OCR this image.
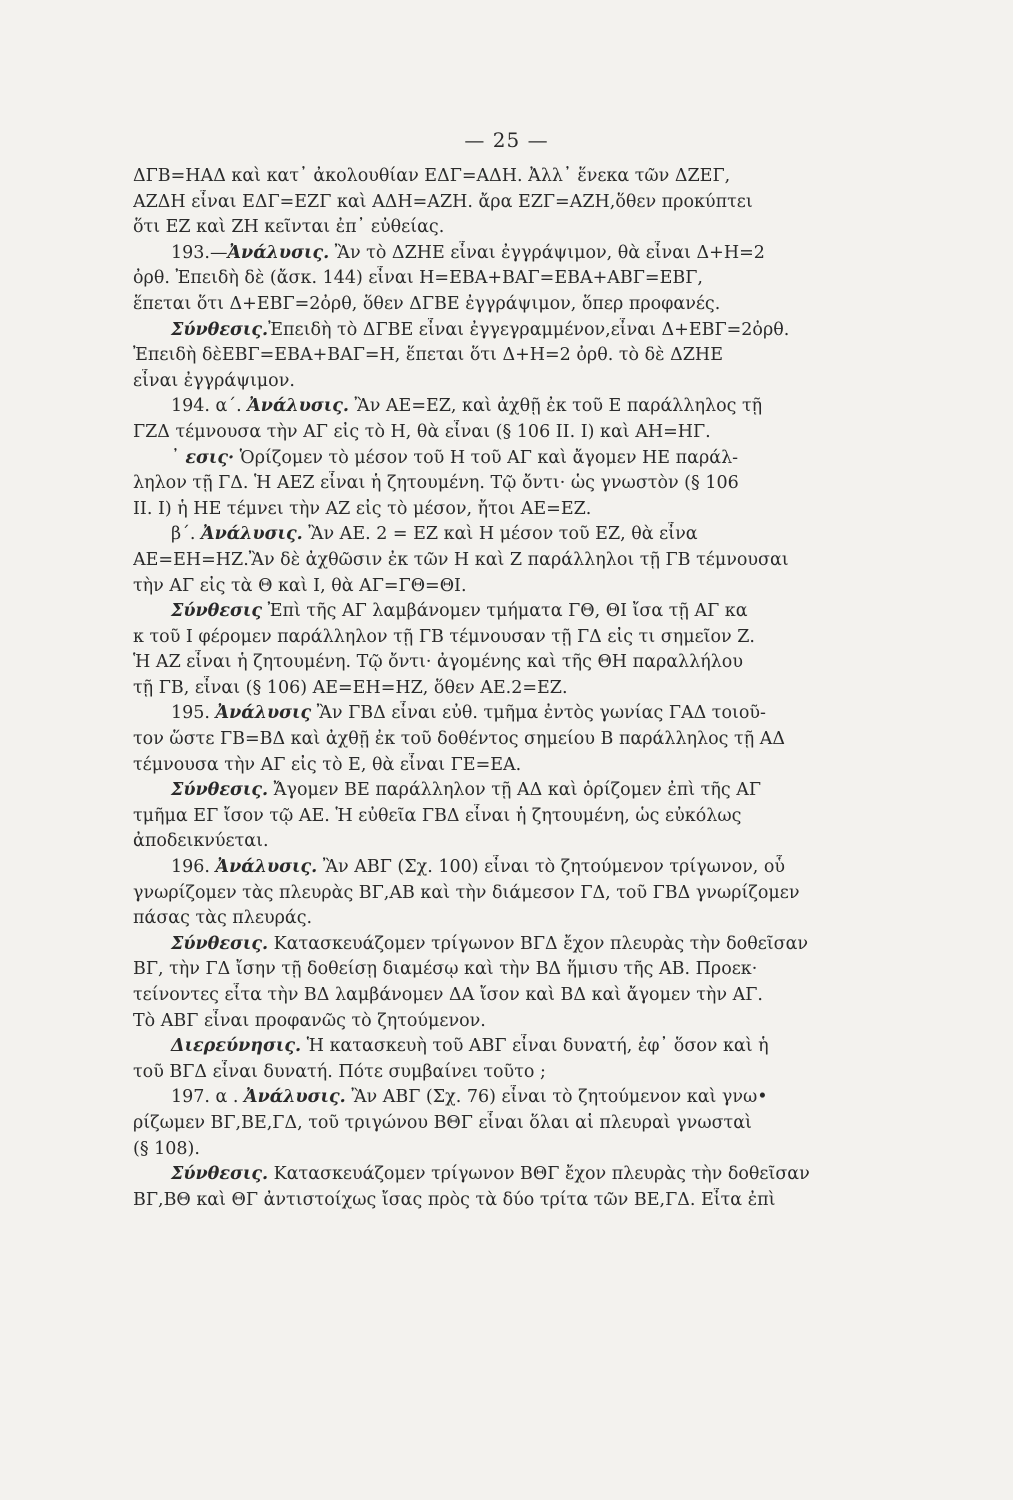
— 25 —
ΔΓΒ=ΗΑΔ καὶ κατ᾽ ἀκολουθίαν ΕΔΓ=ΑΔΗ. Ἀλλ᾽ ἕνεκα τῶν ΔΖΕΓ,
ΑΖΔΗ εἶναι ΕΔΓ=ΕΖΓ καὶ ΑΔΗ=ΑΖΗ. ἄρα ΕΖΓ=ΑΖΗ,ὅθεν προκύπτει
ὅτι ΕΖ καὶ ΖΗ κεῖνται ἐπ᾽ εὐθείας.
193.—Ἀνάλυσις. Ἂν τὸ ΔΖΗΕ εἶναι ἐγγράψιμον, θὰ εἶναι Δ+Η=2
ὀρθ. Ἐπειδὴ δὲ (ἄσκ. 144) εἶναι Η=ΕΒΑ+ΒΑΓ=ΕΒΑ+ΑΒΓ=ΕΒΓ,
ἕπεται ὅτι Δ+ΕΒΓ=2ὀρθ, ὅθεν ΔΓΒΕ ἐγγράψιμον, ὅπερ προφανές.
Σύνθεσις.Ἐπειδὴ τὸ ΔΓΒΕ εἶναι ἐγγεγραμμένον,εἶναι Δ+ΕΒΓ=2ὀρθ.
Ἐπειδὴ δὲΕΒΓ=ΕΒΑ+ΒΑΓ=Η, ἕπεται ὅτι Δ+Η=2 ὀρθ. τὸ δὲ ΔΖΗΕ
εἶναι ἐγγράψιμον.
194. α΄. Ἀνάλυσις. Ἂν ΑΕ=ΕΖ, καὶ ἀχθῇ ἐκ τοῦ Ε παράλληλος τῇ
ΓΖΔ τέμνουσα τὴν ΑΓ εἰς τὸ Η, θὰ εἶναι (§ 106 ΙΙ. Ι) καὶ ΑΗ=ΗΓ.
᾽ εσις· Ὁρίζομεν τὸ μέσον τοῦ Η τοῦ ΑΓ καὶ ἄγομεν ΗΕ παράλ-
ληλον τῇ ΓΔ. Ἡ ΑΕΖ εἶναι ἡ ζητουμένη. Τῷ ὄντι· ὡς γνωστὸν (§ 106
ΙΙ. Ι) ἡ ΗΕ τέμνει τὴν ΑΖ εἰς τὸ μέσον, ἤτοι ΑΕ=ΕΖ.
β΄. Ἀνάλυσις. Ἂν ΑΕ. 2 = ΕΖ καὶ Η μέσον τοῦ ΕΖ, θὰ εἶνα
ΑΕ=ΕΗ=ΗΖ.Ἂν δὲ ἀχθῶσιν ἐκ τῶν Η καὶ Ζ παράλληλοι τῇ ΓΒ τέμνουσαι
τὴν ΑΓ εἰς τὰ Θ καὶ Ι, θὰ ΑΓ=ΓΘ=ΘΙ.
Σύνθεσις Ἐπὶ τῆς ΑΓ λαμβάνομεν τμήματα ΓΘ, ΘΙ ἴσα τῇ ΑΓ κα
κ τοῦ Ι φέρομεν παράλληλον τῇ ΓΒ τέμνουσαν τῇ ΓΔ εἰς τι σημεῖον Ζ.
Ἡ ΑΖ εἶναι ἡ ζητουμένη. Τῷ ὄντι· ἀγομένης καὶ τῆς ΘΗ παραλλήλου
τῇ ΓΒ, εἶναι (§ 106) ΑΕ=ΕΗ=ΗΖ, ὅθεν ΑΕ.2=ΕΖ.
195. Ἀνάλυσις Ἂν ΓΒΔ εἶναι εὐθ. τμῆμα ἐντὸς γωνίας ΓΑΔ τοιοῦ-
τον ὥστε ΓΒ=ΒΔ καὶ ἀχθῇ ἐκ τοῦ δοθέντος σημείου Β παράλληλος τῇ ΑΔ
τέμνουσα τὴν ΑΓ εἰς τὸ Ε, θὰ εἶναι ΓΕ=ΕΑ.
Σύνθεσις. Ἄγομεν ΒΕ παράλληλον τῇ ΑΔ καὶ ὁρίζομεν ἐπὶ τῆς ΑΓ
τμῆμα ΕΓ ἴσον τῷ ΑΕ. Ἡ εὐθεῖα ΓΒΔ εἶναι ἡ ζητουμένη, ὡς εὐκόλως
ἀποδεικνύεται.
196. Ἀνάλυσις. Ἂν ΑΒΓ (Σχ. 100) εἶναι τὸ ζητούμενον τρίγωνον, οὗ
γνωρίζομεν τὰς πλευρὰς ΒΓ,ΑΒ καὶ τὴν διάμεσον ΓΔ, τοῦ ΓΒΔ γνωρίζομεν
πάσας τὰς πλευράς.
Σύνθεσις. Κατασκευάζομεν τρίγωνον ΒΓΔ ἔχον πλευρὰς τὴν δοθεῖσαν
ΒΓ, τὴν ΓΔ ἴσην τῇ δοθείσῃ διαμέσῳ καὶ τὴν ΒΔ ἥμισυ τῆς ΑΒ. Προεκ·
τείνοντες εἶτα τὴν ΒΔ λαμβάνομεν ΔΑ ἴσον καὶ ΒΔ καὶ ἄγομεν τὴν ΑΓ.
Τὸ ΑΒΓ εἶναι προφανῶς τὸ ζητούμενον.
Διερεύνησις. Ἡ κατασκευὴ τοῦ ΑΒΓ εἶναι δυνατή, ἐφ᾽ ὅσον καὶ ἡ
τοῦ ΒΓΔ εἶναι δυνατή. Πότε συμβαίνει τοῦτο ;
197. α . Ἀνάλυσις. Ἂν ΑΒΓ (Σχ. 76) εἶναι τὸ ζητούμενον καὶ γνω•
ρίζωμεν ΒΓ,ΒΕ,ΓΔ, τοῦ τριγώνου ΒΘΓ εἶναι ὅλαι αἱ πλευραὶ γνωσταὶ
(§ 108).
Σύνθεσις. Κατασκευάζομεν τρίγωνον ΒΘΓ ἔχον πλευρὰς τὴν δοθεῖσαν
ΒΓ,ΒΘ καὶ ΘΓ ἀντιστοίχως ἴσας πρὸς τὰ δύο τρίτα τῶν ΒΕ,ΓΔ. Εἶτα ἐπὶ
